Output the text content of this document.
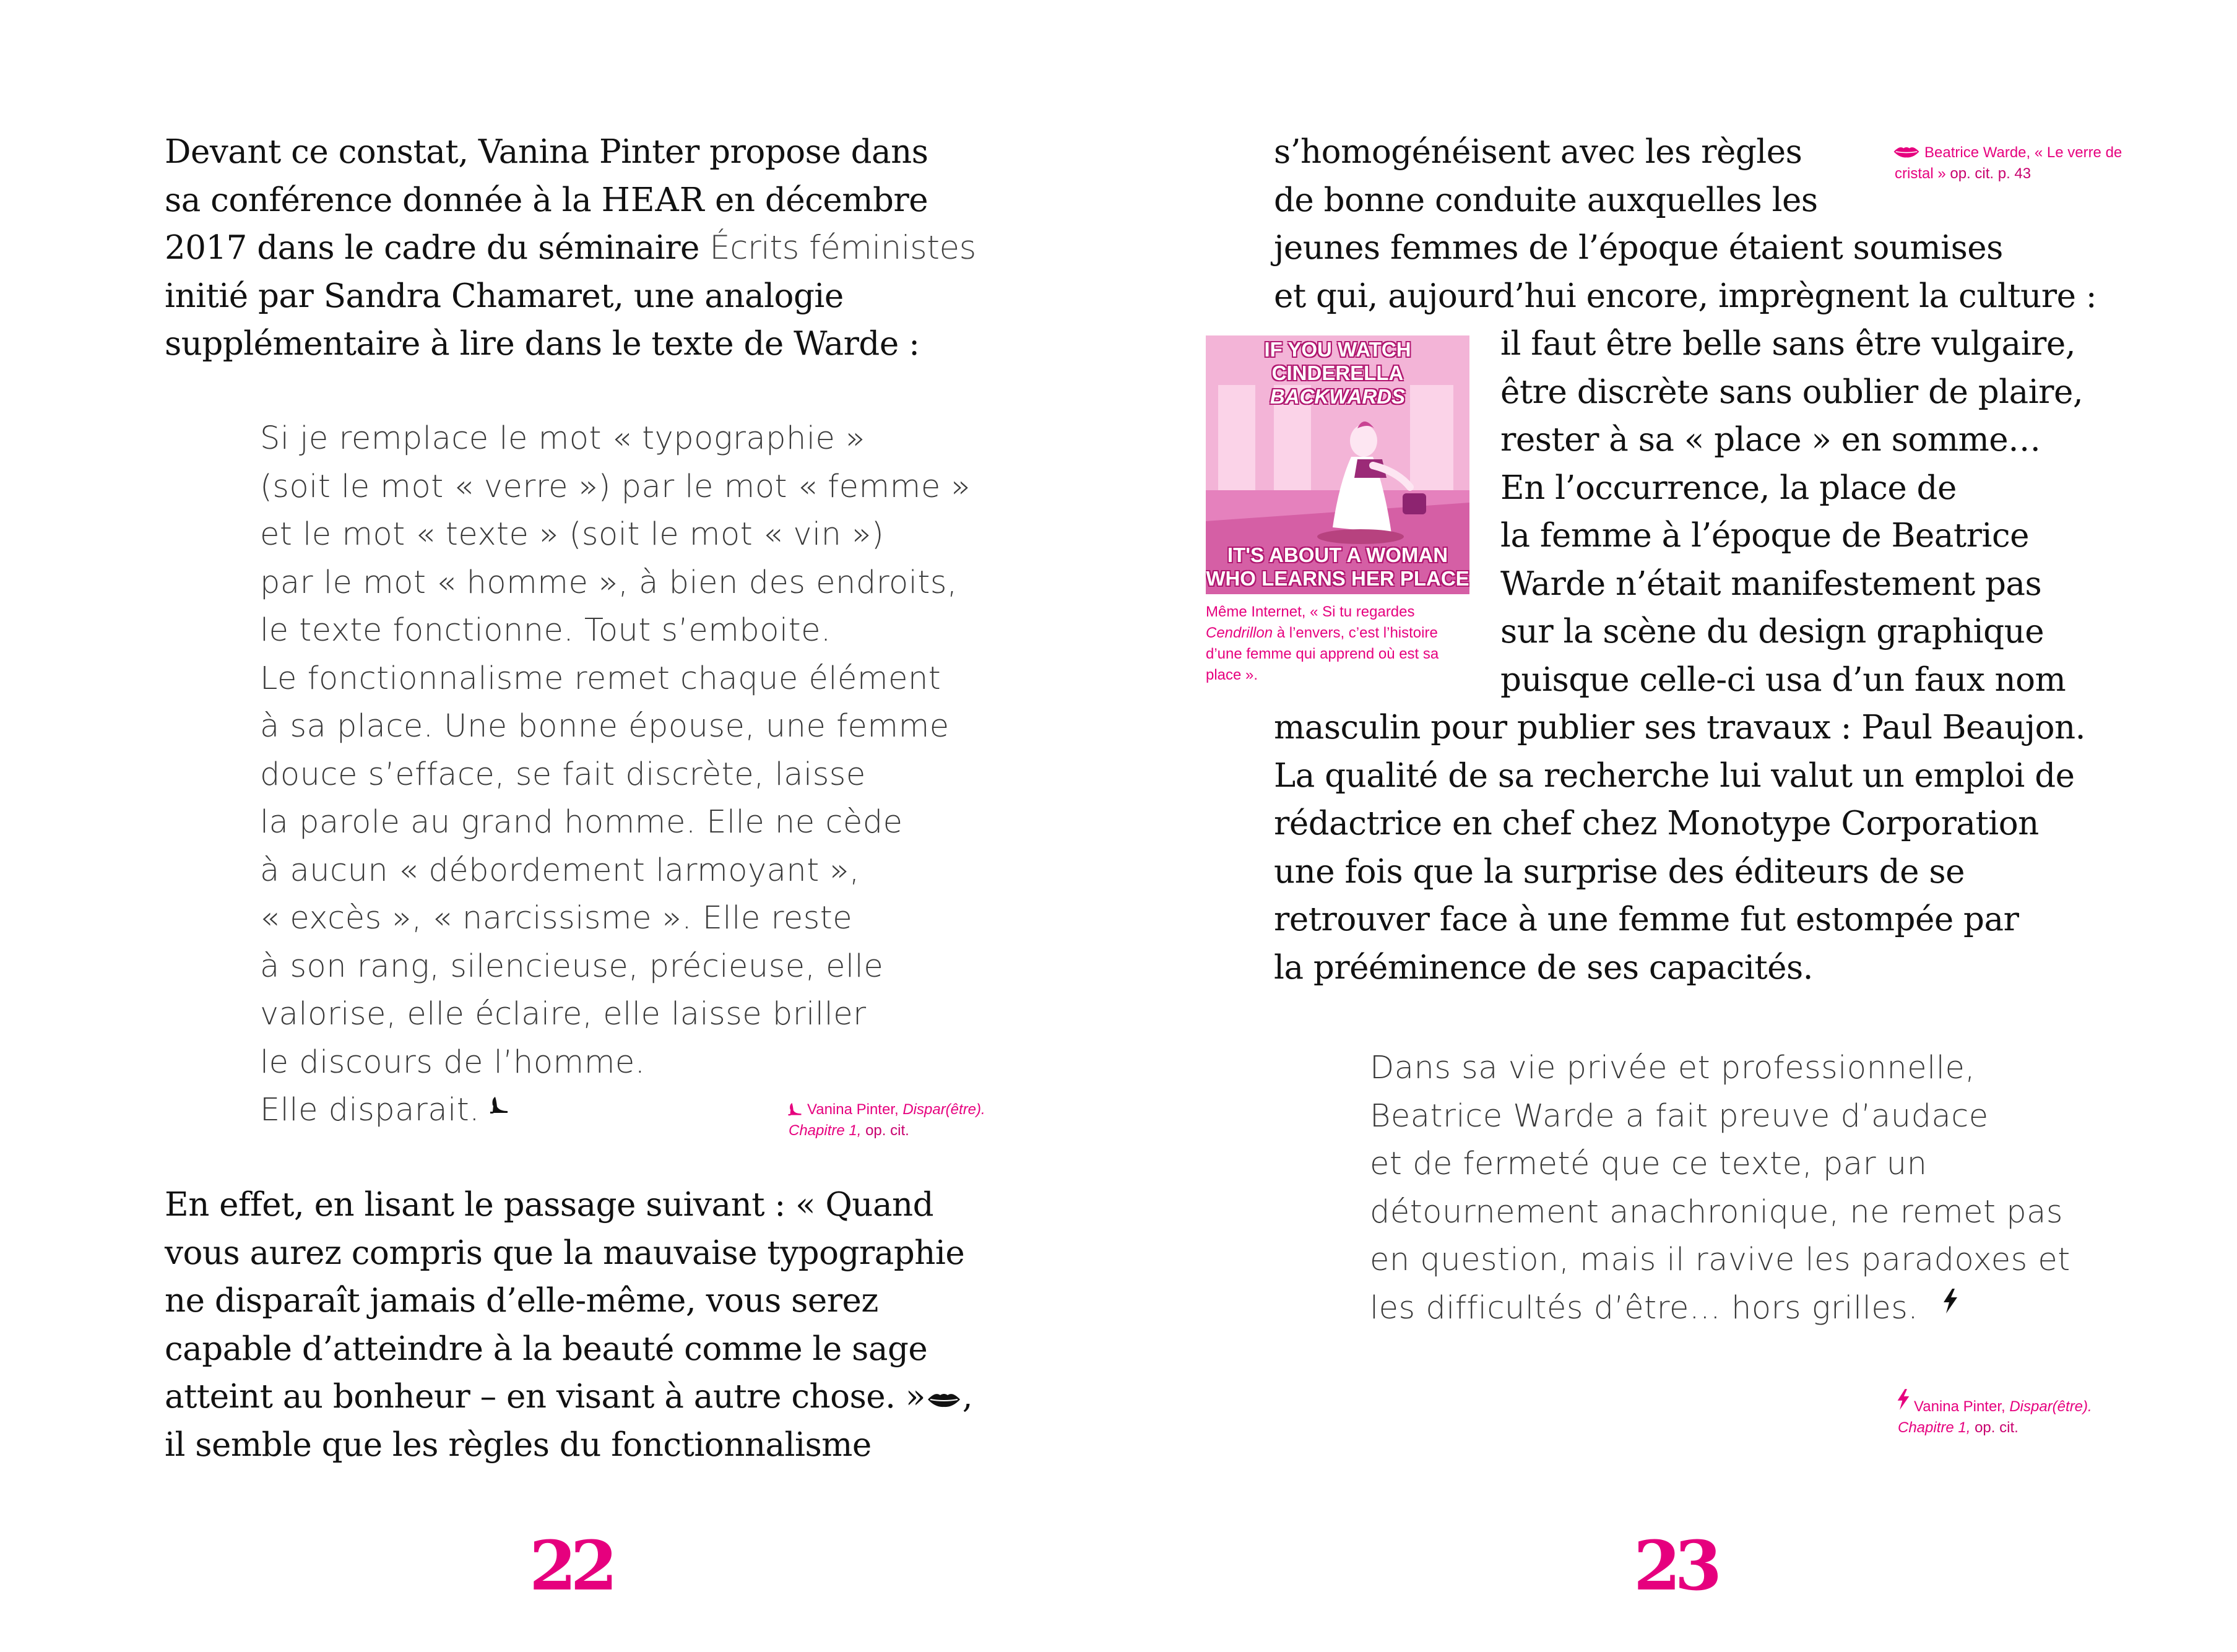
Devant ce constat, Vanina Pinter propose dans
sa conférence donnée à la HEAR en décembre
2017 dans le cadre du séminaire Écrits féministes
initié par Sandra Chamaret, une analogie
supplémentaire à lire dans le texte de Warde :
Si je remplace le mot « typographie »
(soit le mot « verre ») par le mot « femme »
et le mot « texte » (soit le mot « vin »)
par le mot « homme », à bien des endroits,
le texte fonctionne. Tout s’emboite.
Le fonctionnalisme remet chaque élément
à sa place. Une bonne épouse, une femme
douce s’efface, se fait discrète, laisse
la parole au grand homme. Elle ne cède
à aucun « débordement larmoyant »,
« excès », « narcissisme ». Elle reste
à son rang, silencieuse, précieuse, elle
valorise, elle éclaire, elle laisse briller
le discours de l’homme.
Elle disparait.	Vanina Pinter, Dispar(être).
Chapitre 1, op. cit.

En effet, en lisant le passage suivant : « Quand
vous aurez compris que la mauvaise typographie
ne disparaît jamais d’elle-même, vous serez
capable d’atteindre à la beauté comme le sage
atteint au bonheur – en visant à autre chose. » ,
il semble que les règles du fonctionnalisme
22
s’homogénéisent avec les règles
de bonne conduite auxquelles les
jeunes femmes de l’époque étaient soumises
et qui, aujourd’hui encore, imprègnent la culture :
il faut être belle sans être vulgaire,
être discrète sans oublier de plaire,
rester à sa « place » en somme…
En l’occurrence, la place de
la femme à l’époque de Beatrice
Warde n’était manifestement pas
sur la scène du design graphique
puisque celle-ci usa d’un faux nom
masculin pour publier ses travaux : Paul Beaujon.
La qualité de sa recherche lui valut un emploi de
rédactrice en chef chez Monotype Corporation
une fois que la surprise des éditeurs de se
retrouver face à une femme fut estompée par
la prééminence de ses capacités.

Beatrice Warde, « Le verre de
cristal » op. cit. p. 43

23
IF YOU WATCH CINDERELLA
BACKWARDS
IT'S ABOUT A WOMAN
WHO LEARNS HER PLACE

Même Internet, « Si tu regardes Cendrillon à l’envers, c’est l’histoire d’une femme qui apprend où est sa place ».

Dans sa vie privée et professionnelle,
Beatrice Warde a fait preuve d’audace
et de fermeté que ce texte, par un
détournement anachronique, ne remet pas
en question, mais il ravive les paradoxes et
les difficultés d’être… hors grilles.

Vanina Pinter, Dispar(être).
Chapitre 1, op. cit.
